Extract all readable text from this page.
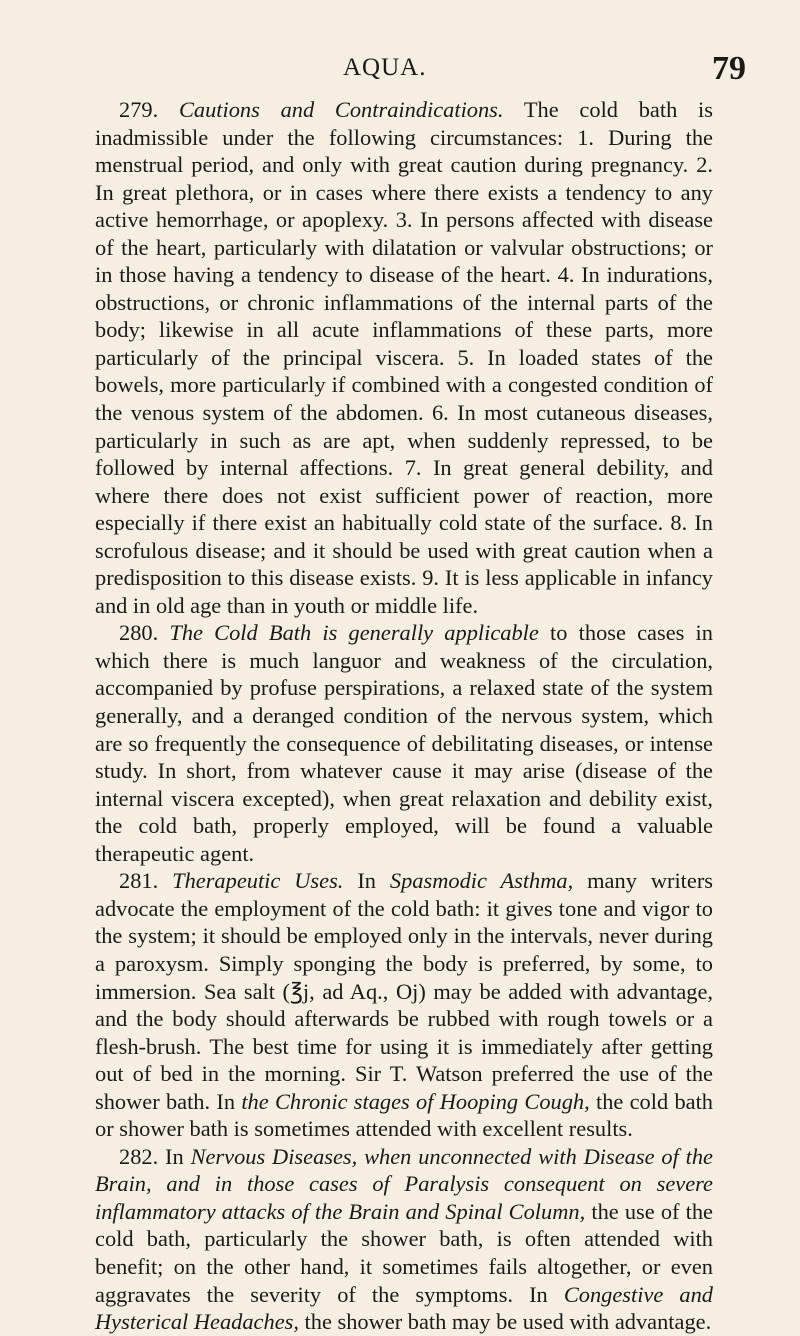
AQUA.	79

279. Cautions and Contraindications. The cold bath is inadmissible under the following circumstances: 1. During the menstrual period, and only with great caution during pregnancy. 2. In great plethora, or in cases where there exists a tendency to any active hemorrhage, or apoplexy. 3. In persons affected with disease of the heart, particularly with dilatation or valvular obstructions; or in those having a tendency to disease of the heart. 4. In indurations, obstructions, or chronic inflammations of the internal parts of the body; likewise in all acute inflammations of these parts, more particularly of the principal viscera. 5. In loaded states of the bowels, more particularly if combined with a congested condition of the venous system of the abdomen. 6. In most cutaneous diseases, particularly in such as are apt, when suddenly repressed, to be followed by internal affections. 7. In great general debility, and where there does not exist sufficient power of reaction, more especially if there exist an habitually cold state of the surface. 8. In scrofulous disease; and it should be used with great caution when a predisposition to this disease exists. 9. It is less applicable in infancy and in old age than in youth or middle life.

280. The Cold Bath is generally applicable to those cases in which there is much languor and weakness of the circulation, accompanied by profuse perspirations, a relaxed state of the system generally, and a deranged condition of the nervous system, which are so frequently the consequence of debilitating diseases, or intense study. In short, from whatever cause it may arise (disease of the internal viscera excepted), when great relaxation and debility exist, the cold bath, properly employed, will be found a valuable therapeutic agent.

281. Therapeutic Uses. In Spasmodic Asthma, many writers advocate the employment of the cold bath: it gives tone and vigor to the system; it should be employed only in the intervals, never during a paroxysm. Simply sponging the body is preferred, by some, to immersion. Sea salt (℥j, ad Aq., Oj) may be added with advantage, and the body should afterwards be rubbed with rough towels or a flesh-brush. The best time for using it is immediately after getting out of bed in the morning. Sir T. Watson preferred the use of the shower bath. In the Chronic stages of Hooping Cough, the cold bath or shower bath is sometimes attended with excellent results.

282. In Nervous Diseases, when unconnected with Disease of the Brain, and in those cases of Paralysis consequent on severe inflammatory attacks of the Brain and Spinal Column, the use of the cold bath, particularly the shower bath, is often attended with benefit; on the other hand, it sometimes fails altogether, or even aggravates the severity of the symptoms. In Congestive and Hysterical Headaches, the shower bath may be used with advantage.
